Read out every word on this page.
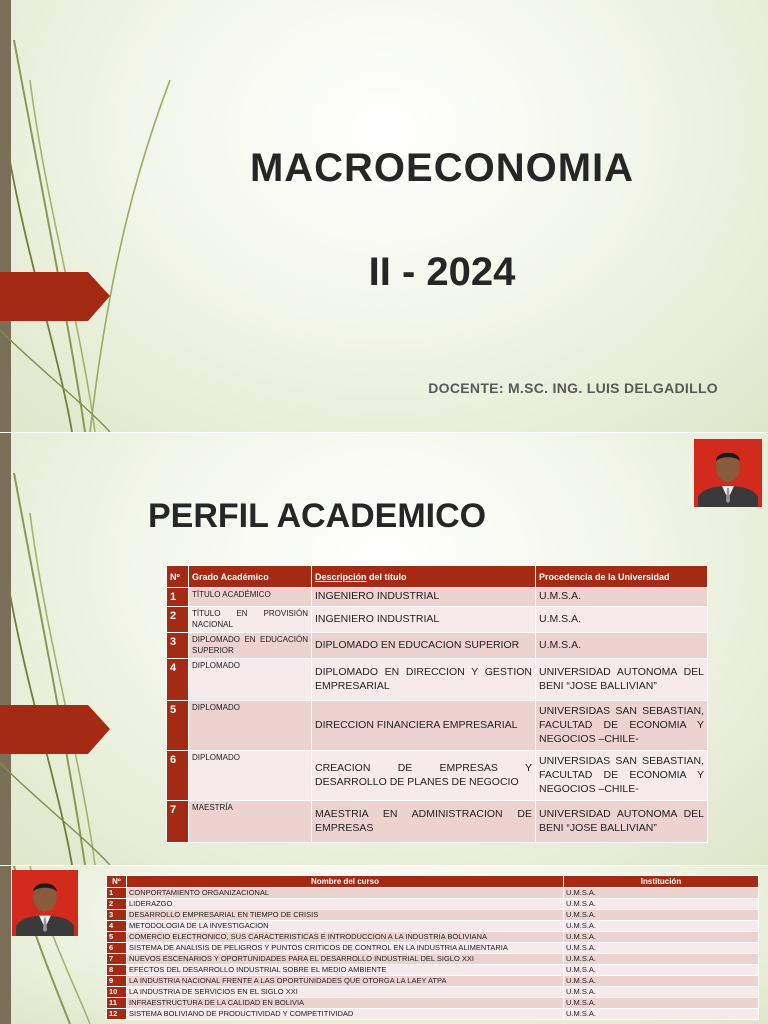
MACROECONOMIA
II - 2024
DOCENTE: M.SC. ING. LUIS DELGADILLO
PERFIL ACADEMICO
Nº	Grado Académico	Descripción del título	Procedencia de la Universidad
1	TÍTULO ACADÉMICO	INGENIERO INDUSTRIAL	U.M.S.A.
2	TÍTULO EN PROVISIÓN NACIONAL	INGENIERO INDUSTRIAL	U.M.S.A.
3	DIPLOMADO EN EDUCACIÓN SUPERIOR	DIPLOMADO EN EDUCACION SUPERIOR	U.M.S.A.
4	DIPLOMADO	DIPLOMADO EN DIRECCION Y GESTION EMPRESARIAL	UNIVERSIDAD AUTONOMA DEL BENI “JOSE BALLIVIAN”
5	DIPLOMADO	DIRECCION FINANCIERA EMPRESARIAL	UNIVERSIDAS SAN SEBASTIAN, FACULTAD DE ECONOMIA Y NEGOCIOS –CHILE-
6	DIPLOMADO	CREACION DE EMPRESAS Y DESARROLLO DE PLANES DE NEGOCIO	UNIVERSIDAS SAN SEBASTIAN, FACULTAD DE ECONOMIA Y NEGOCIOS –CHILE-
7	MAESTRÍA	MAESTRIA EN ADMINISTRACION DE EMPRESAS	UNIVERSIDAD AUTONOMA DEL BENI “JOSE BALLIVIAN”
Nº	Nombre del curso	Institución
1	CONPORTAMIENTO ORGANIZACIONAL	U.M.S.A.
2	LIDERAZGO	U.M.S.A.
3	DESARROLLO EMPRESARIAL EN TIEMPO DE CRISIS	U.M.S.A.
4	METODOLOGIA DE LA INVESTIGACION	U.M.S.A.
5	COMERCIO ELECTRONICO, SUS CARACTERISTICAS E INTRODUCCION A LA INDUSTRIA BOLIVIANA	U.M.S.A.
6	SISTEMA DE ANALISIS DE PELIGROS Y PUNTOS CRITICOS DE CONTROL EN LA INDUSTRIA ALIMENTARIA	U.M.S.A.
7	NUEVOS ESCENARIOS Y OPORTUNIDADES PARA EL DESARROLLO INDUSTRIAL DEL SIGLO XXI	U.M.S.A.
8	EFECTOS DEL DESARROLLO INDUSTRIAL SOBRE EL MEDIO AMBIENTE	U.M.S.A.
9	LA INDUSTRIA NACIONAL FRENTE A LAS OPORTUNIDADES QUE OTORGA LA LAEY ATPA	U.M.S.A.
10	LA INDUSTRIA DE SERVICIOS EN EL SIGLO XXI	U.M.S.A.
11	INFRAESTRUCTURA DE LA CALIDAD EN BOLIVIA	U.M.S.A.
12	SISTEMA BOLIVIANO DE PRODUCTIVIDAD Y COMPETITIVIDAD	U.M.S.A.
